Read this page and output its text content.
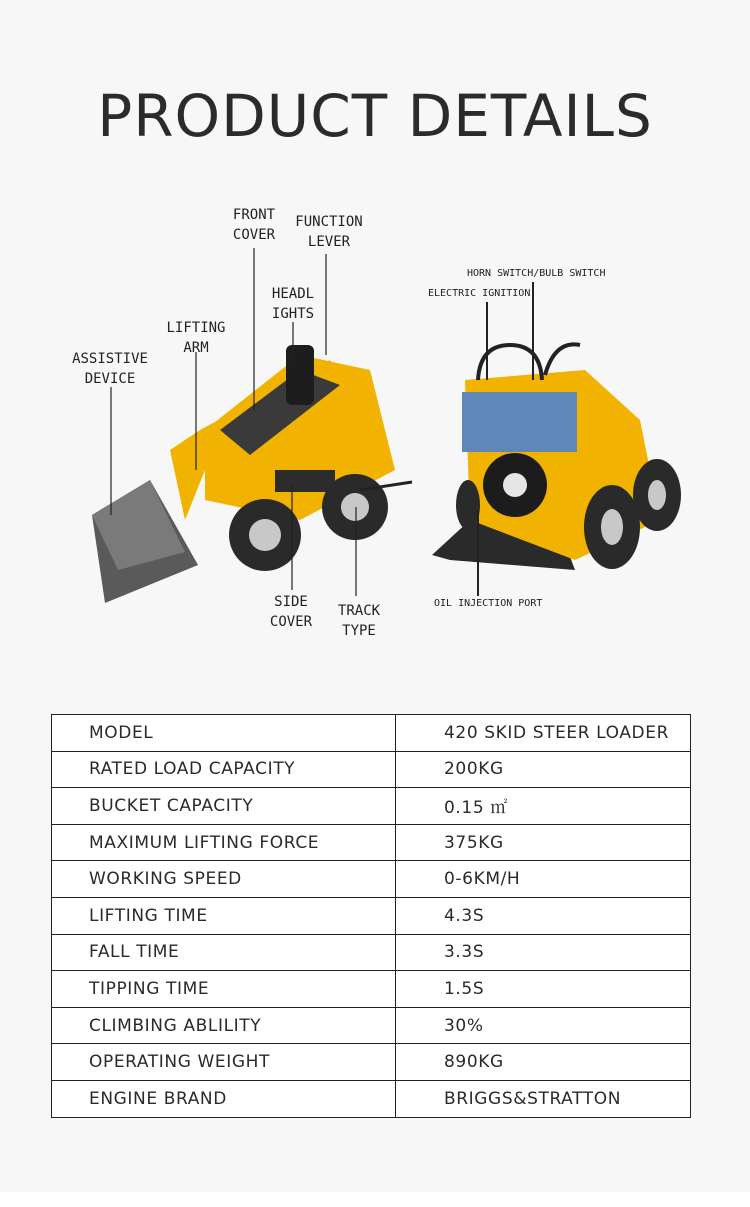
PRODUCT DETAILS
FRONT
COVER
FUNCTION
LEVER
HEADL
IGHTS
LIFTING
ARM
ASSISTIVE
DEVICE
SIDE
COVER
TRACK
TYPE
HORN SWITCH/BULB SWITCH
ELECTRIC IGNITION
OIL INJECTION PORT
MODEL	420 SKID STEER LOADER
RATED LOAD CAPACITY	200KG
BUCKET CAPACITY	0.15 ㎡
MAXIMUM LIFTING FORCE	375KG
WORKING SPEED	0-6KM/H
LIFTING TIME	4.3S
FALL TIME	3.3S
TIPPING TIME	1.5S
CLIMBING ABLILITY	30%
OPERATING WEIGHT	890KG
ENGINE BRAND	BRIGGS&STRATTON
